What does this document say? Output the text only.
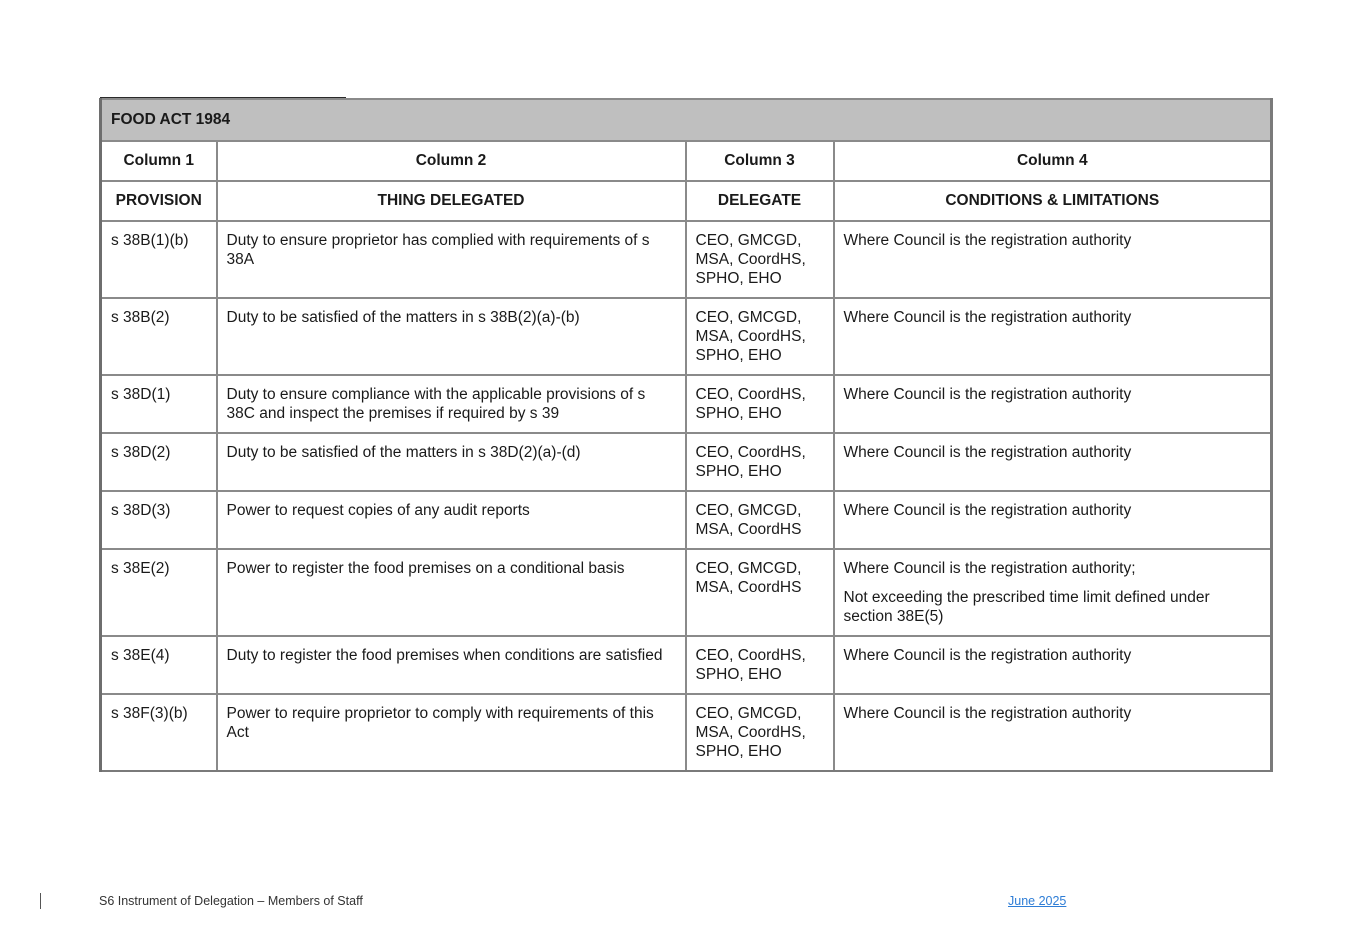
FOOD ACT 1984			
Column 1	Column 2	Column 3	Column 4
PROVISION	THING DELEGATED	DELEGATE	CONDITIONS & LIMITATIONS
s 38B(1)(b)	Duty to ensure proprietor has complied with requirements of s 38A	CEO, GMCGD, MSA, CoordHS, SPHO, EHO	Where Council is the registration authority

s 38B(2)	Duty to be satisfied of the matters in s 38B(2)(a)-(b)	CEO, GMCGD, MSA, CoordHS, SPHO, EHO	Where Council is the registration authority

s 38D(1)	Duty to ensure compliance with the applicable provisions of s 38C and inspect the premises if required by s 39	CEO, CoordHS, SPHO, EHO	Where Council is the registration authority

s 38D(2)	Duty to be satisfied of the matters in s 38D(2)(a)-(d)	CEO, CoordHS, SPHO, EHO	Where Council is the registration authority

s 38D(3)	Power to request copies of any audit reports	CEO, GMCGD, MSA, CoordHS	Where Council is the registration authority

s 38E(2)	Power to register the food premises on a conditional basis	CEO, GMCGD, MSA, CoordHS	Where Council is the registration authority;

Not exceeding the prescribed time limit defined under section 38E(5)

s 38E(4)	Duty to register the food premises when conditions are satisfied	CEO, CoordHS, SPHO, EHO	Where Council is the registration authority

s 38F(3)(b)	Power to require proprietor to comply with requirements of this Act	CEO, GMCGD, MSA, CoordHS, SPHO, EHO	Where Council is the registration authority

S6 Instrument of Delegation – Members of Staff	June 2025
